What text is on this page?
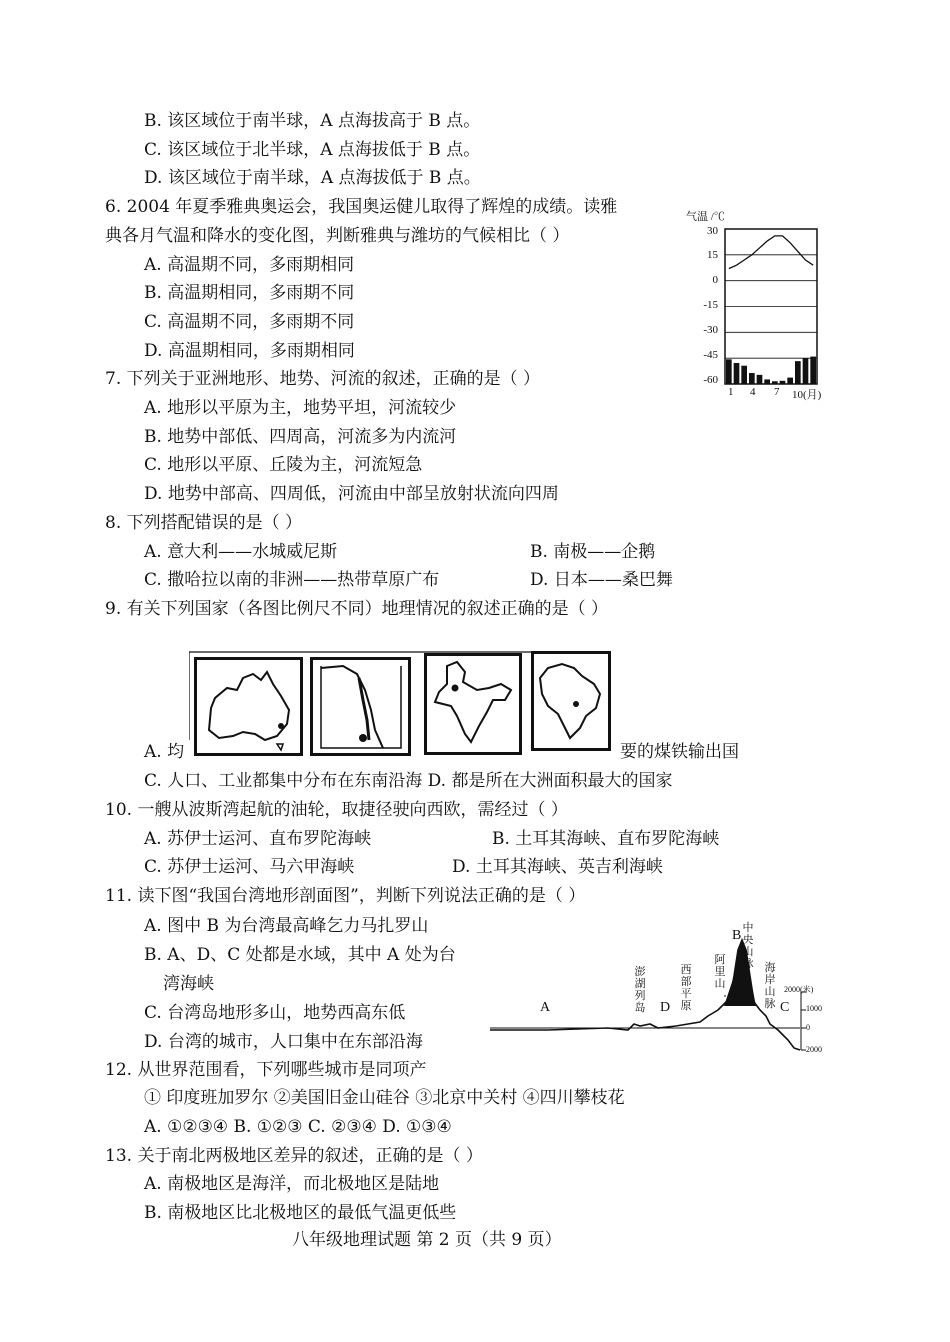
B. 该区域位于南半球，A 点海拔高于 B 点。
C. 该区域位于北半球，A 点海拔低于 B 点。
D. 该区域位于南半球，A 点海拔低于 B 点。
6. 2004 年夏季雅典奥运会，我国奥运健儿取得了辉煌的成绩。读雅
典各月气温和降水的变化图，判断雅典与潍坊的气候相比（ ）
A. 高温期不同，多雨期相同
B. 高温期相同，多雨期不同
C. 高温期不同，多雨期不同
D. 高温期相同，多雨期相同
气温 /℃
30
15
0
-15
-30
-45
-60
1 4 7 10(月)
7. 下列关于亚洲地形、地势、河流的叙述，正确的是（ ）
A. 地形以平原为主，地势平坦，河流较少
B. 地势中部低、四周高，河流多为内流河
C. 地形以平原、丘陵为主，河流短急
D. 地势中部高、四周低，河流由中部呈放射状流向四周
8. 下列搭配错误的是（ ）
A. 意大利——水城威尼斯	B. 南极——企鹅
C. 撒哈拉以南的非洲——热带草原广布	D. 日本——桑巴舞
9. 有关下列国家（各图比例尺不同）地理情况的叙述正确的是（ ）
A. 均	要的煤铁输出国
C. 人口、工业都集中分布在东南沿海 D. 都是所在大洲面积最大的国家
10. 一艘从波斯湾起航的油轮，取捷径驶向西欧，需经过（ ）
A. 苏伊士运河、直布罗陀海峡	B. 土耳其海峡、直布罗陀海峡
C. 苏伊士运河、马六甲海峡	D. 土耳其海峡、英吉利海峡
11. 读下图“我国台湾地形剖面图”，判断下列说法正确的是（ ）
A. 图中 B 为台湾最高峰乞力马扎罗山
B. A、D、C 处都是水域，其中 A 处为台
湾海峡
C. 台湾岛地形多山，地势西高东低
D. 台湾的城市，人口集中在东部沿海
A	D
B
C
澎
湖
列
岛
西
部
平
原
阿
里
山
中
央
山
脉 海
岸
山
脉
2000(米)
1000
0
2000
12. 从世界范围看，下列哪些城市是同项产
① 印度班加罗尔 ②美国旧金山硅谷 ③北京中关村 ④四川攀枝花
A. ①②③④ B. ①②③ C. ②③④ D. ①③④
13. 关于南北两极地区差异的叙述，正确的是（ ）
A. 南极地区是海洋，而北极地区是陆地
B. 南极地区比北极地区的最低气温更低些
八年级地理试题 第 2 页（共 9 页）
